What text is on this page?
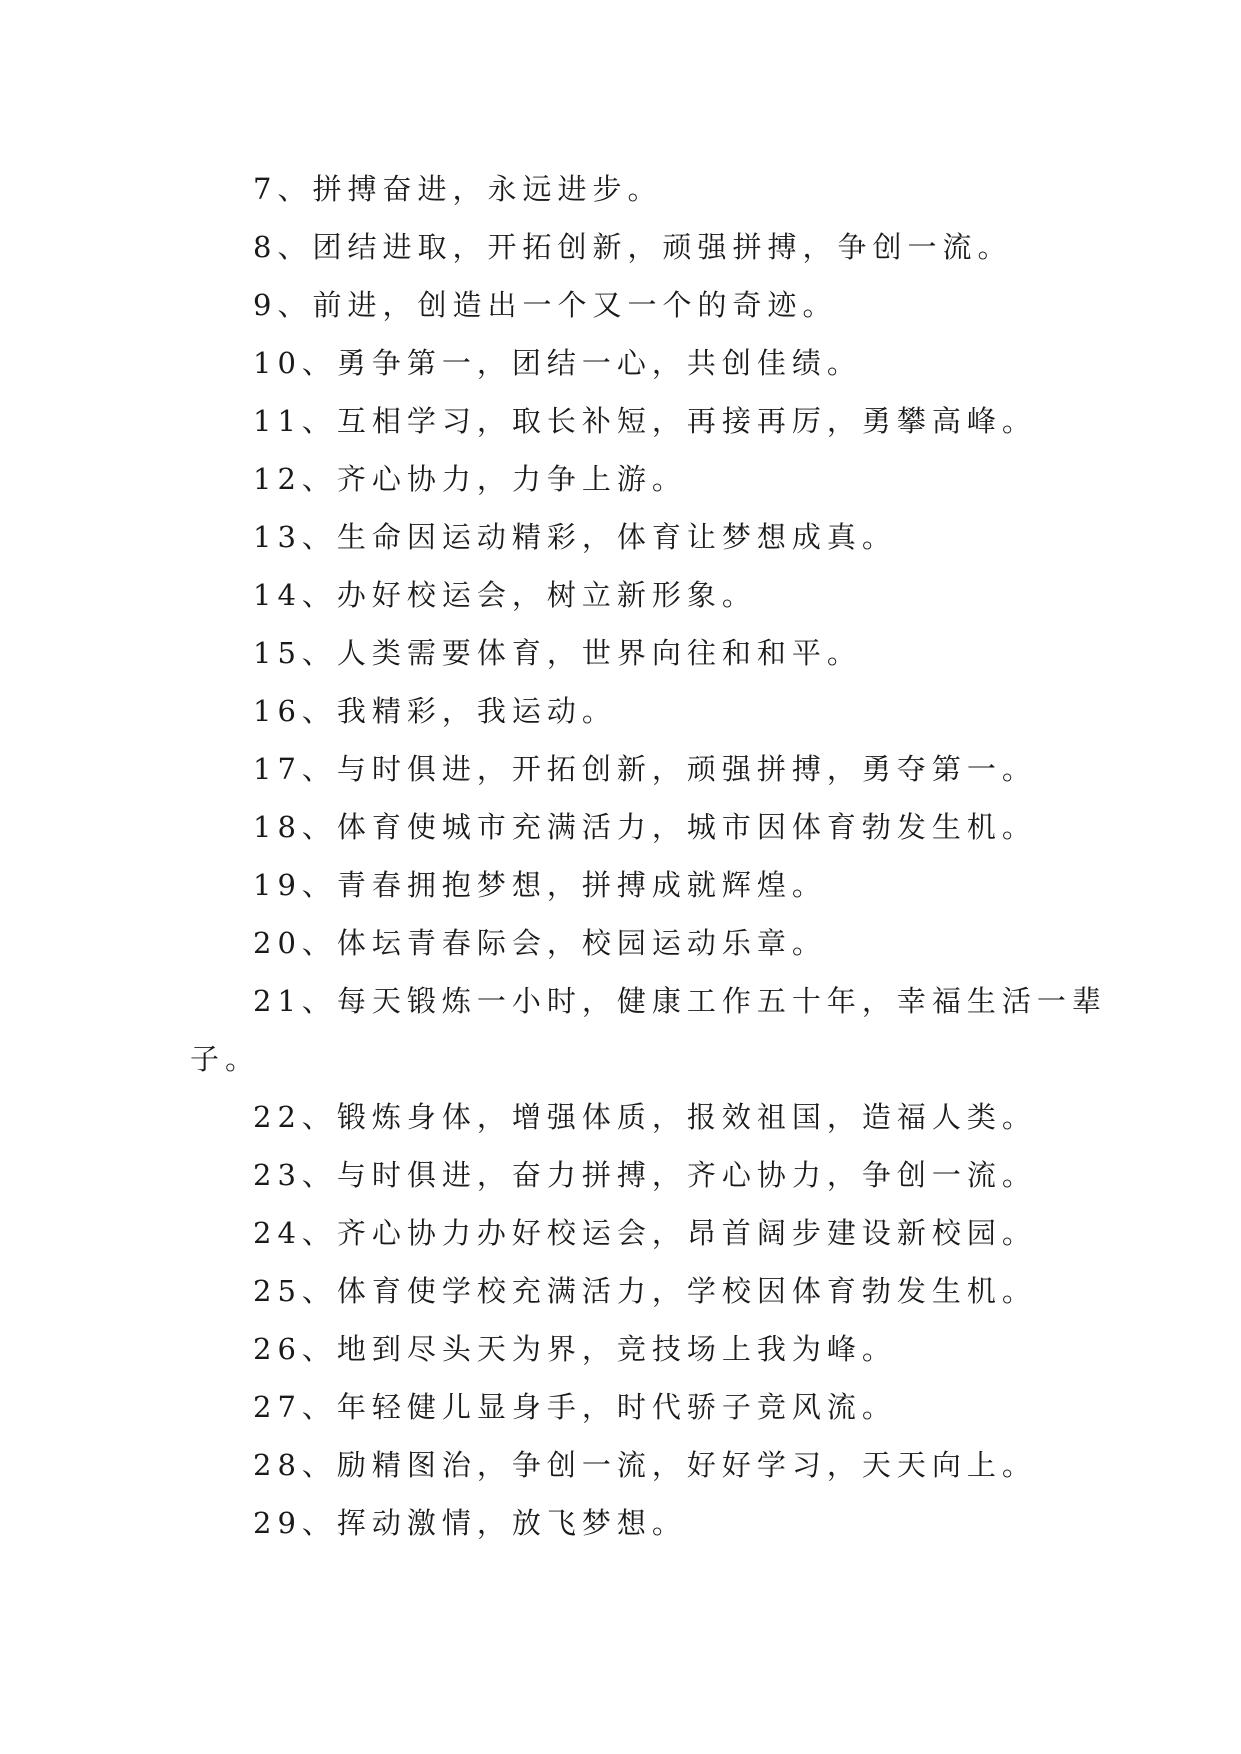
7、拼搏奋进，永远进步。
8、团结进取，开拓创新，顽强拼搏，争创一流。
9、前进，创造出一个又一个的奇迹。
10、勇争第一，团结一心，共创佳绩。
11、互相学习，取长补短，再接再厉，勇攀高峰。
12、齐心协力，力争上游。
13、生命因运动精彩，体育让梦想成真。
14、办好校运会，树立新形象。
15、人类需要体育，世界向往和和平。
16、我精彩，我运动。
17、与时俱进，开拓创新，顽强拼搏，勇夺第一。
18、体育使城市充满活力，城市因体育勃发生机。
19、青春拥抱梦想，拼搏成就辉煌。
20、体坛青春际会，校园运动乐章。
21、每天锻炼一小时，健康工作五十年，幸福生活一辈
子。
22、锻炼身体，增强体质，报效祖国，造福人类。
23、与时俱进，奋力拼搏，齐心协力，争创一流。
24、齐心协力办好校运会，昂首阔步建设新校园。
25、体育使学校充满活力，学校因体育勃发生机。
26、地到尽头天为界，竞技场上我为峰。
27、年轻健儿显身手，时代骄子竞风流。
28、励精图治，争创一流，好好学习，天天向上。
29、挥动激情，放飞梦想。
